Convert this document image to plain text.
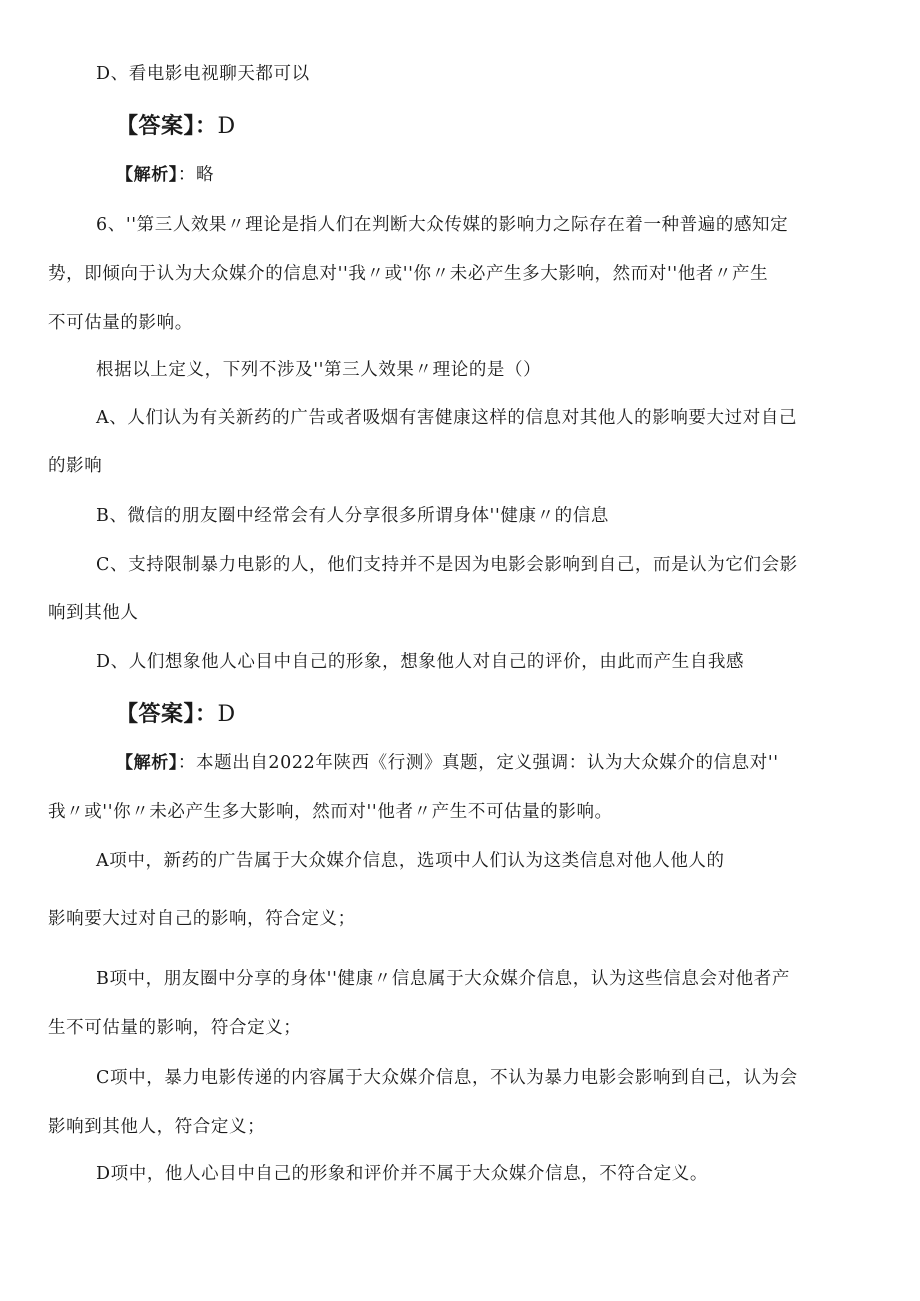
D、看电影电视聊天都可以
【答案】：D
【解析】：略
6、''第三人效果〃理论是指人们在判断大众传媒的影响力之际存在着一种普遍的感知定
势，即倾向于认为大众媒介的信息对''我〃或''你〃未必产生多大影响，然而对''他者〃产生
不可估量的影响。
根据以上定义，下列不涉及''第三人效果〃理论的是（）
A、人们认为有关新药的广告或者吸烟有害健康这样的信息对其他人的影响要大过对自己
的影响
B、微信的朋友圈中经常会有人分享很多所谓身体''健康〃的信息
C、支持限制暴力电影的人，他们支持并不是因为电影会影响到自己，而是认为它们会影
响到其他人
D、人们想象他人心目中自己的形象，想象他人对自己的评价，由此而产生自我感
【答案】：D
【解析】：本题出自2022年陕西《行测》真题，定义强调：认为大众媒介的信息对''
我〃或''你〃未必产生多大影响，然而对''他者〃产生不可估量的影响。
A项中，新药的广告属于大众媒介信息，选项中人们认为这类信息对他人他人的
影响要大过对自己的影响，符合定义；
B项中，朋友圈中分享的身体''健康〃信息属于大众媒介信息，认为这些信息会对他者产
生不可估量的影响，符合定义；
C项中，暴力电影传递的内容属于大众媒介信息，不认为暴力电影会影响到自己，认为会
影响到其他人，符合定义；
D项中，他人心目中自己的形象和评价并不属于大众媒介信息，不符合定义。
